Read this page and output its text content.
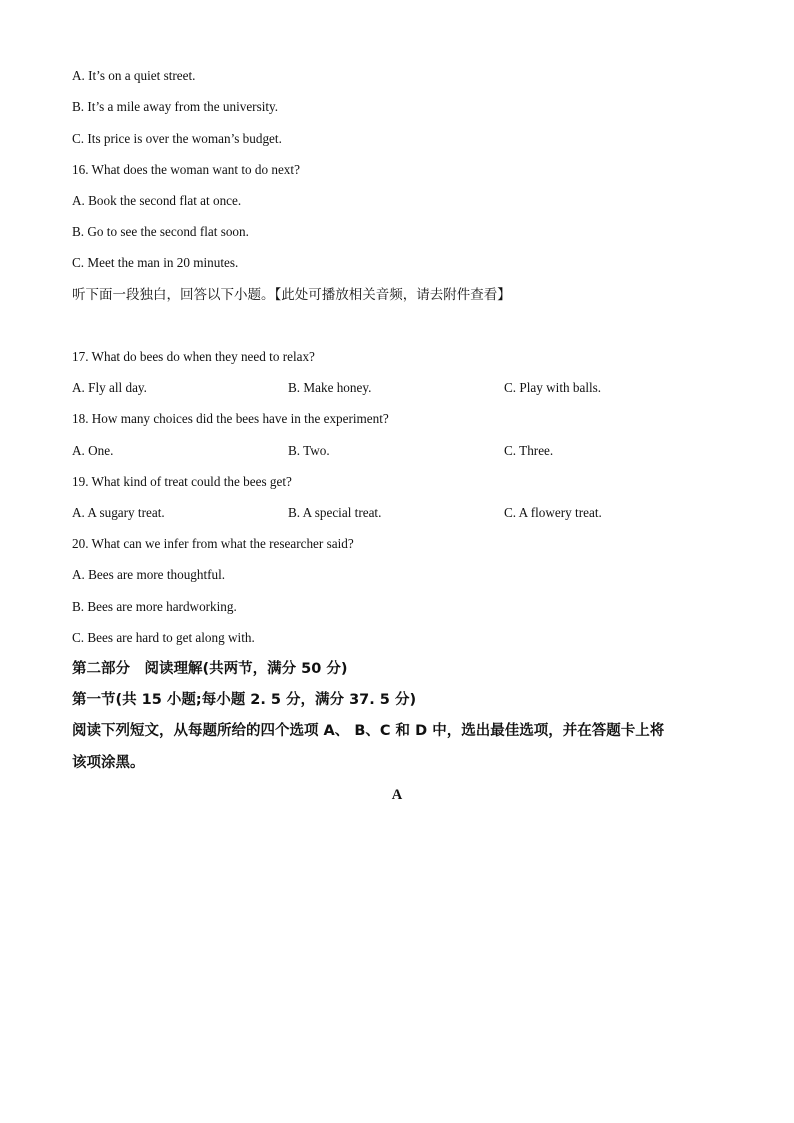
A. It’s on a quiet street.
B. It’s a mile away from the university.
C. Its price is over the woman’s budget.
16. What does the woman want to do next?
A. Book the second flat at once.
B. Go to see the second flat soon.
C. Meet the man in 20 minutes.
听下面一段独白，回答以下小题。【此处可播放相关音频，请去附件查看】
17. What do bees do when they need to relax?
A. Fly all day.	B. Make honey.	C. Play with balls.
18. How many choices did the bees have in the experiment?
A. One.	B. Two.	C. Three.
19. What kind of treat could the bees get?
A. A sugary treat.	B. A special treat.	C. A flowery treat.
20. What can we infer from what the researcher said?
A. Bees are more thoughtful.
B. Bees are more hardworking.
C. Bees are hard to get along with.
第二部分　阅读理解(共两节，满分 50 分)
第一节(共 15 小题;每小题 2. 5 分，满分 37. 5 分)
阅读下列短文，从每题所给的四个选项 A、 B、C 和 D 中，选出最佳选项，并在答题卡上将
该项涂黑。
A
